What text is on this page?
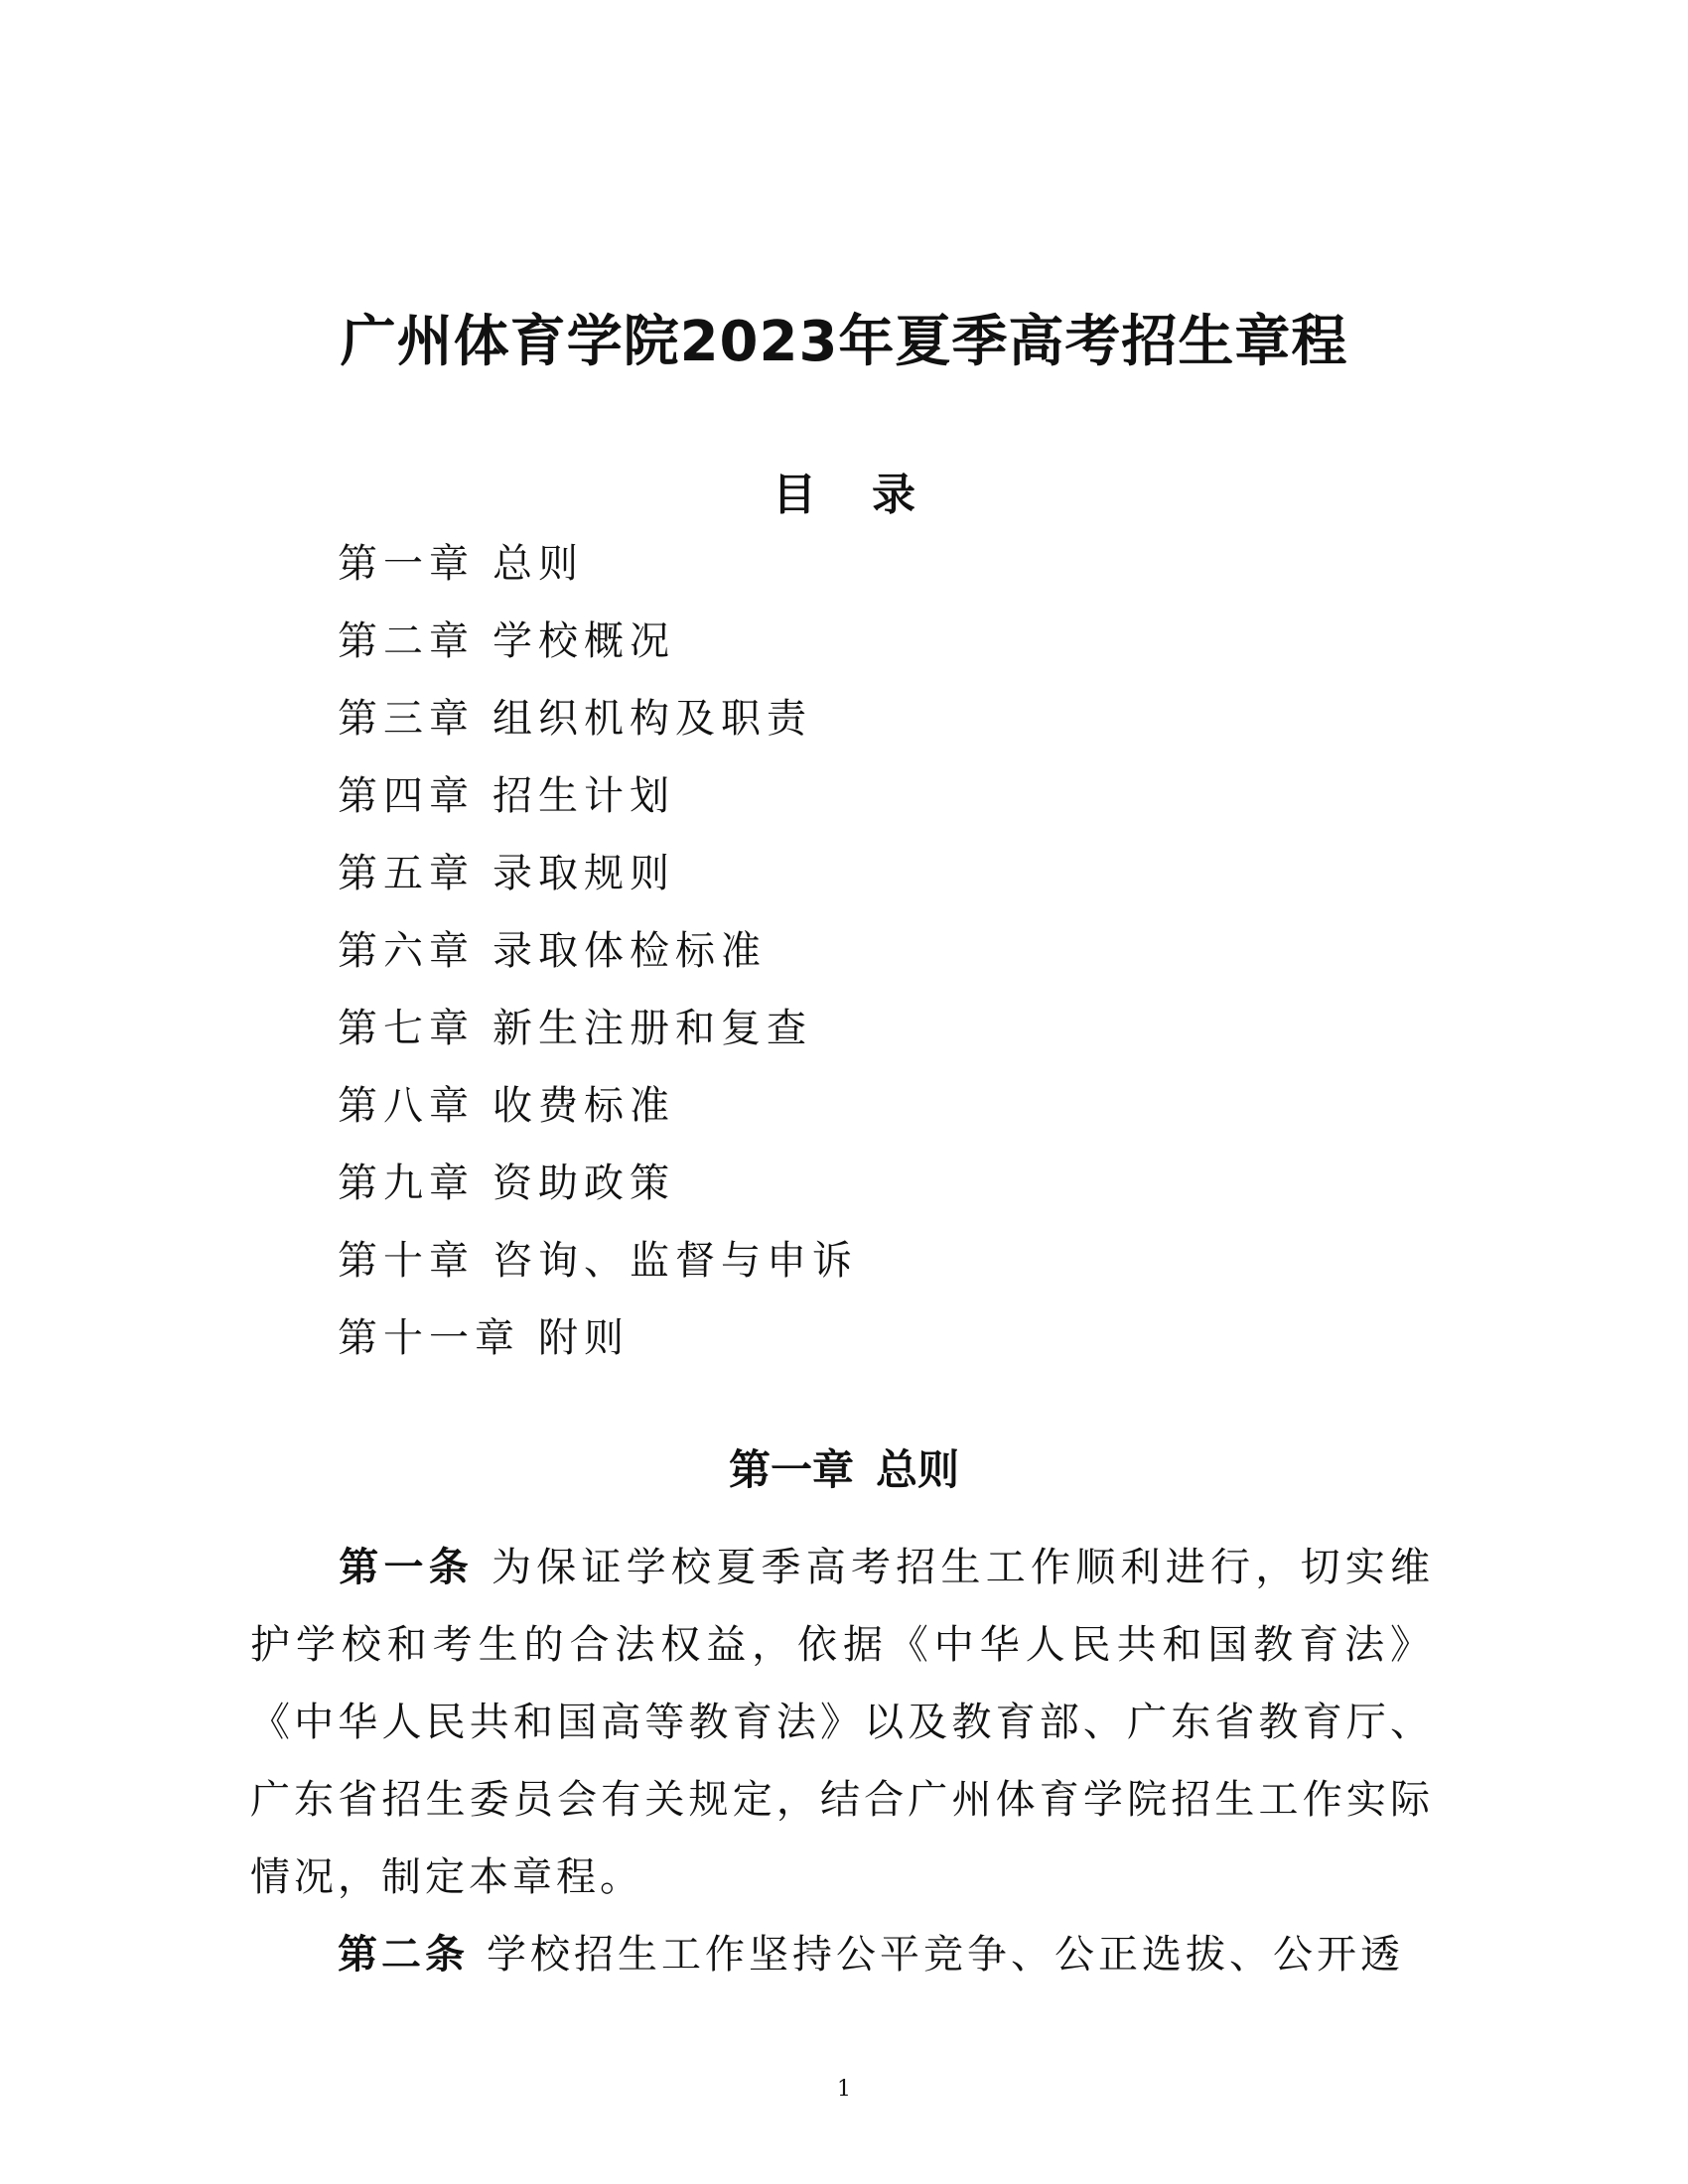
广州体育学院2023年夏季高考招生章程
目 录
第一章 总则
第二章 学校概况
第三章 组织机构及职责
第四章 招生计划
第五章 录取规则
第六章 录取体检标准
第七章 新生注册和复查
第八章 收费标准
第九章 资助政策
第十章 咨询、监督与申诉
第十一章 附则
第一章 总则

第一条 为保证学校夏季高考招生工作顺利进行，切实维护学校和考生的合法权益，依据《中华人民共和国教育法》《中华人民共和国高等教育法》以及教育部、广东省教育厅、广东省招生委员会有关规定，结合广州体育学院招生工作实际情况，制定本章程。

第二条 学校招生工作坚持公平竞争、公正选拔、公开透

1
